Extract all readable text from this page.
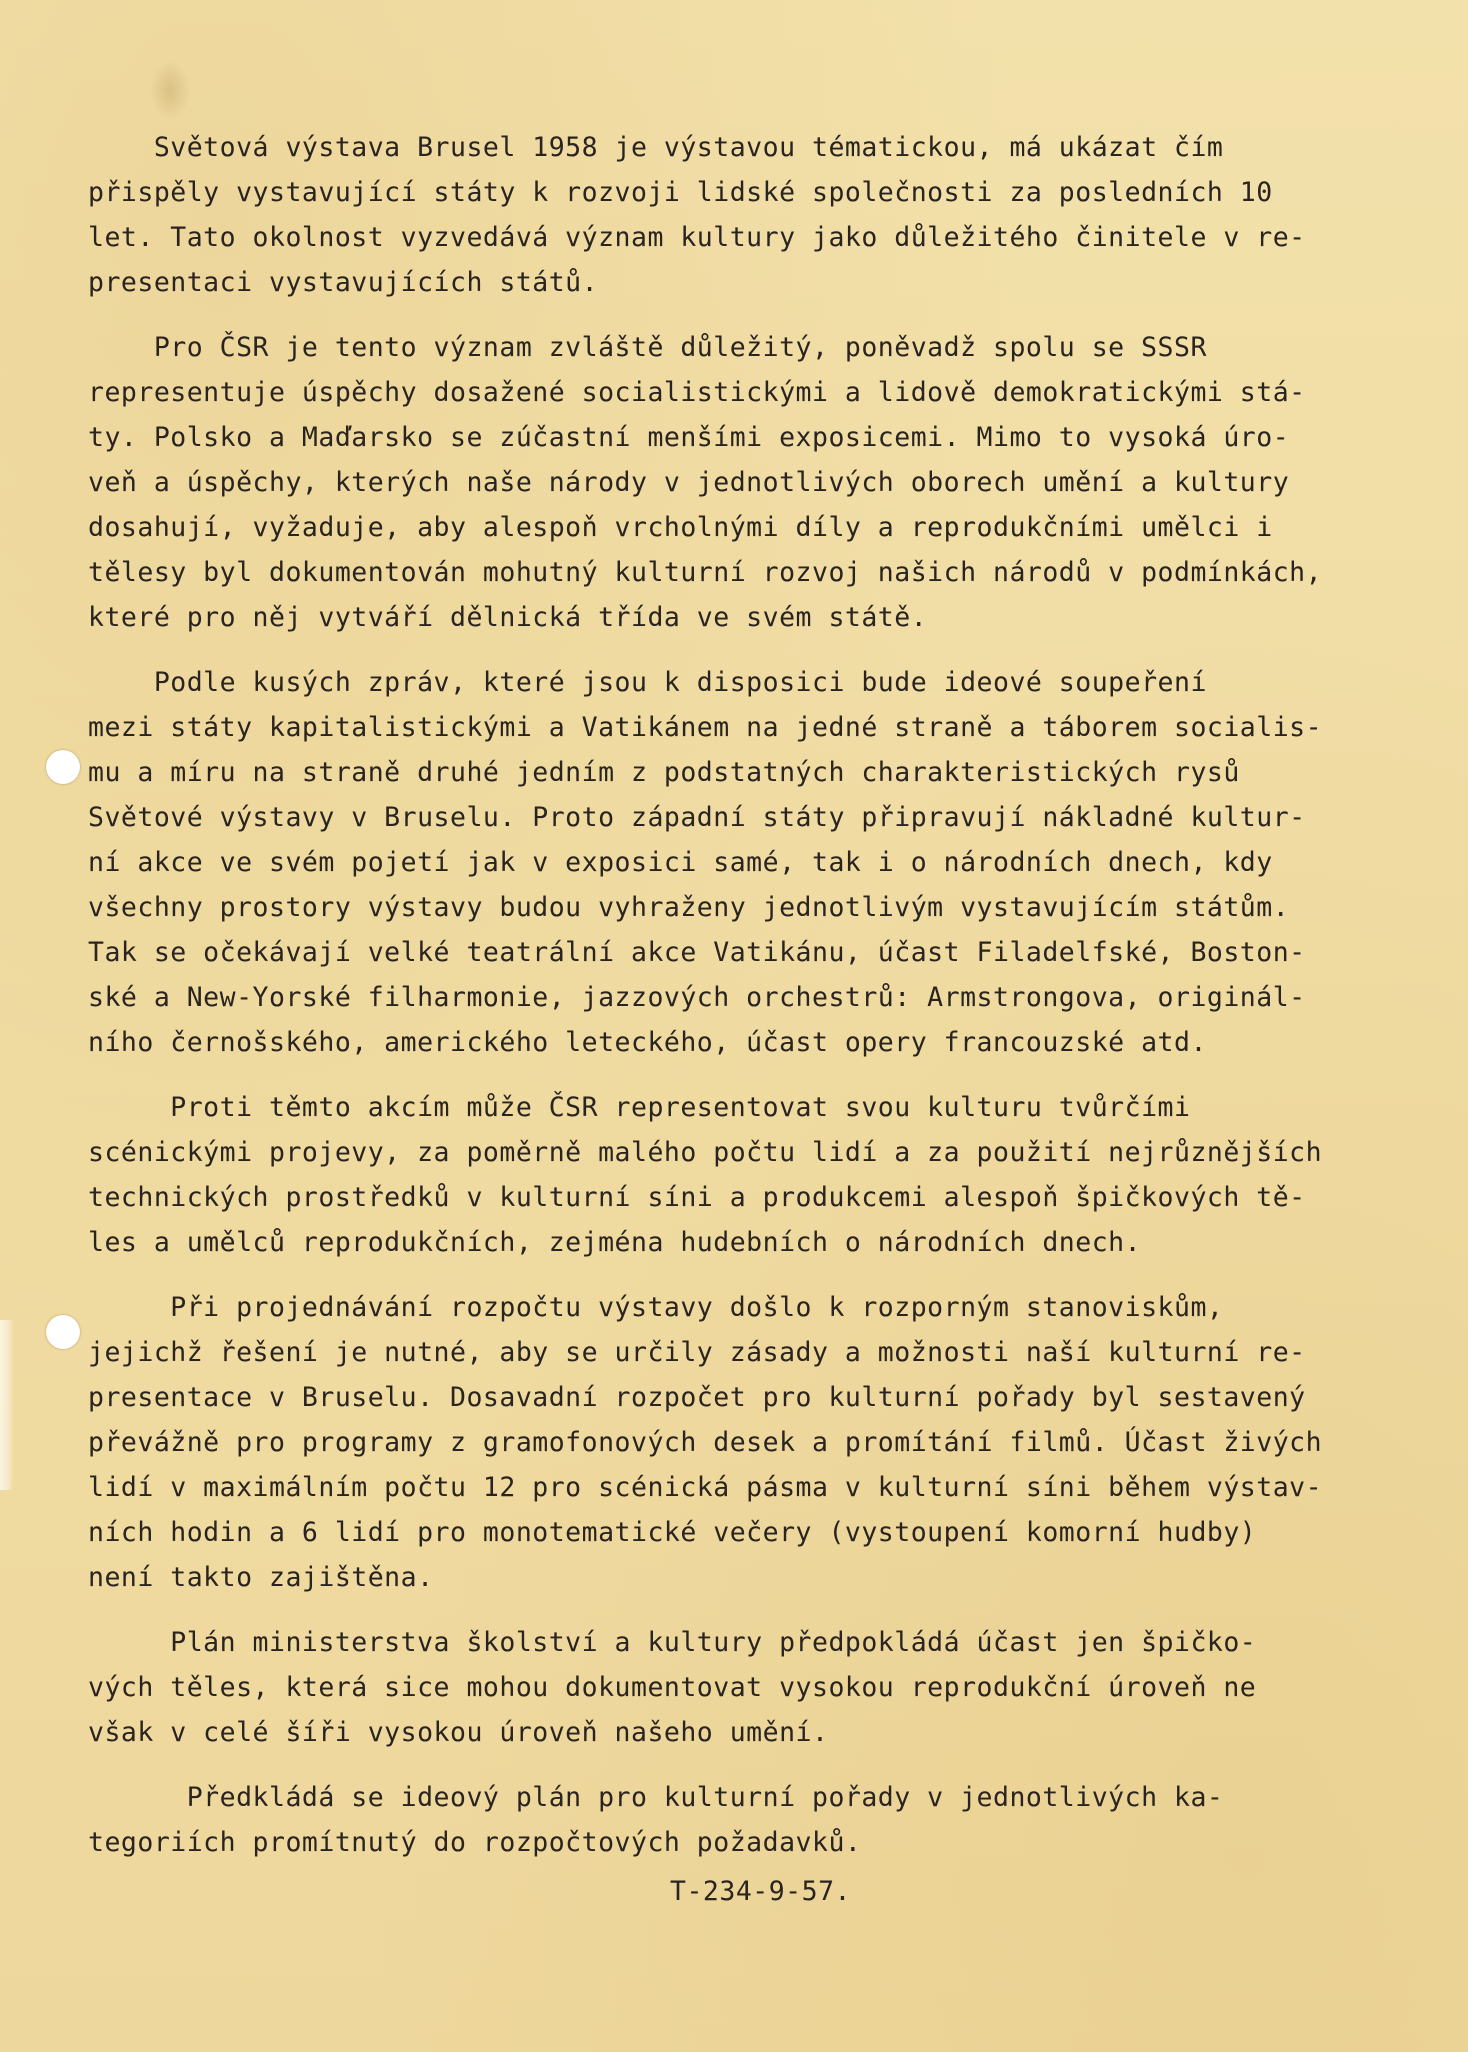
Světová výstava Brusel 1958 je výstavou tématickou, má ukázat čím
přispěly vystavující státy k rozvoji lidské společnosti za posledních 10
let. Tato okolnost vyzvedává význam kultury jako důležitého činitele v re-
presentaci vystavujících států.
Pro ČSR je tento význam zvláště důležitý, poněvadž spolu se SSSR
representuje úspěchy dosažené socialistickými a lidově demokratickými stá-
ty. Polsko a Maďarsko se zúčastní menšími exposicemi. Mimo to vysoká úro-
veň a úspěchy, kterých naše národy v jednotlivých oborech umění a kultury
dosahují, vyžaduje, aby alespoň vrcholnými díly a reprodukčními umělci i
tělesy byl dokumentován mohutný kulturní rozvoj našich národů v podmínkách,
které pro něj vytváří dělnická třída ve svém státě.
Podle kusých zpráv, které jsou k disposici bude ideové soupeření
mezi státy kapitalistickými a Vatikánem na jedné straně a táborem socialis-
mu a míru na straně druhé jedním z podstatných charakteristických rysů
Světové výstavy v Bruselu. Proto západní státy připravují nákladné kultur-
ní akce ve svém pojetí jak v exposici samé, tak i o národních dnech, kdy
všechny prostory výstavy budou vyhraženy jednotlivým vystavujícím státům.
Tak se očekávají velké teatrální akce Vatikánu, účast Filadelfské, Boston-
ské a New-Yorské filharmonie, jazzových orchestrů: Armstrongova, originál-
ního černošského, amerického leteckého, účast opery francouzské atd.
Proti těmto akcím může ČSR representovat svou kulturu tvůrčími
scénickými projevy, za poměrně malého počtu lidí a za použití nejrůznějších
technických prostředků v kulturní síni a produkcemi alespoň špičkových tě-
les a umělců reprodukčních, zejména hudebních o národních dnech.
Při projednávání rozpočtu výstavy došlo k rozporným stanoviskům,
jejichž řešení je nutné, aby se určily zásady a možnosti naší kulturní re-
presentace v Bruselu. Dosavadní rozpočet pro kulturní pořady byl sestavený
převážně pro programy z gramofonových desek a promítání filmů. Účast živých
lidí v maximálním počtu 12 pro scénická pásma v kulturní síni během výstav-
ních hodin a 6 lidí pro monotematické večery (vystoupení komorní hudby)
není takto zajištěna.
Plán ministerstva školství a kultury předpokládá účast jen špičko-
vých těles, která sice mohou dokumentovat vysokou reprodukční úroveň ne
však v celé šíři vysokou úroveň našeho umění.
Předkládá se ideový plán pro kulturní pořady v jednotlivých ka-
tegoriích promítnutý do rozpočtových požadavků.
T-234-9-57.
